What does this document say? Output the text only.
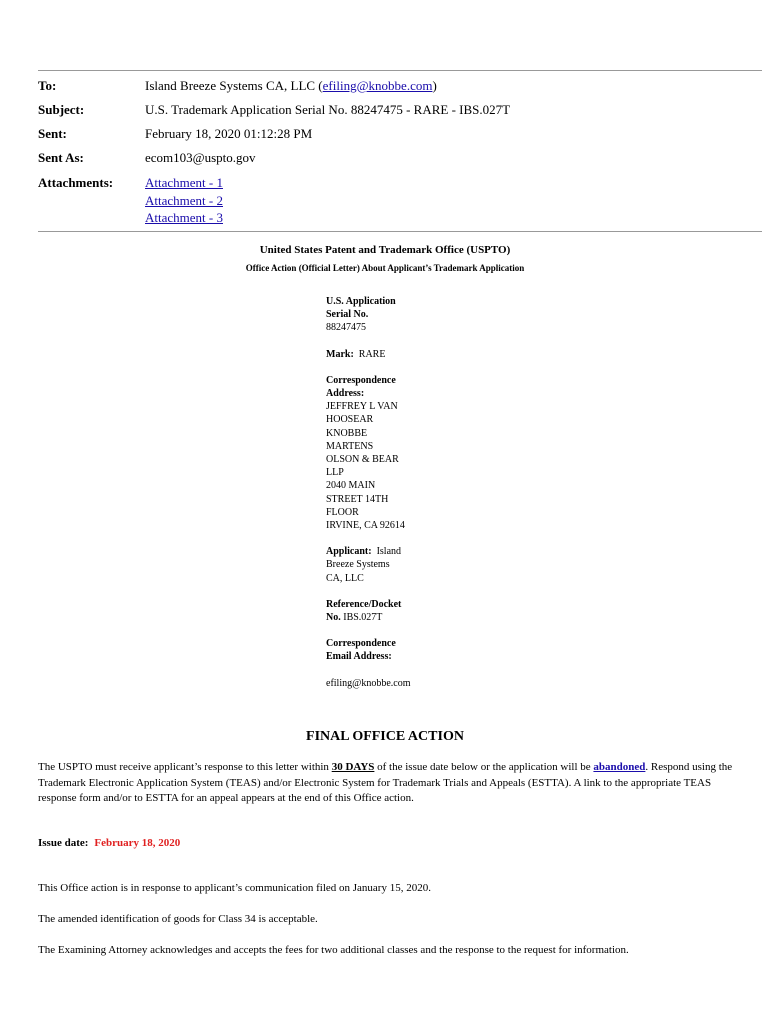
To:	Island Breeze Systems CA, LLC (efiling@knobbe.com)
Subject:	U.S. Trademark Application Serial No. 88247475 - RARE - IBS.027T
Sent:	February 18, 2020 01:12:28 PM
Sent As:	ecom103@uspto.gov
Attachments:	Attachment - 1
Attachment - 2
Attachment - 3
United States Patent and Trademark Office (USPTO)
Office Action (Official Letter) About Applicant’s Trademark Application
U.S. Application
Serial No.
88247475
Mark: RARE
Correspondence
Address:
JEFFREY L VAN
HOOSEAR
KNOBBE
MARTENS
OLSON & BEAR
LLP
2040 MAIN
STREET 14TH
FLOOR
IRVINE, CA 92614
Applicant: Island
Breeze Systems
CA, LLC
Reference/Docket
No. IBS.027T
Correspondence
Email Address:
efiling@knobbe.com
FINAL OFFICE ACTION
The USPTO must receive applicant’s response to this letter within 30 DAYS of the issue date below or the application will be abandoned. Respond using the Trademark Electronic Application System (TEAS) and/or Electronic System for Trademark Trials and Appeals (ESTTA). A link to the appropriate TEAS response form and/or to ESTTA for an appeal appears at the end of this Office action.
Issue date: February 18, 2020
This Office action is in response to applicant’s communication filed on January 15, 2020.
The amended identification of goods for Class 34 is acceptable.
The Examining Attorney acknowledges and accepts the fees for two additional classes and the response to the request for information.
